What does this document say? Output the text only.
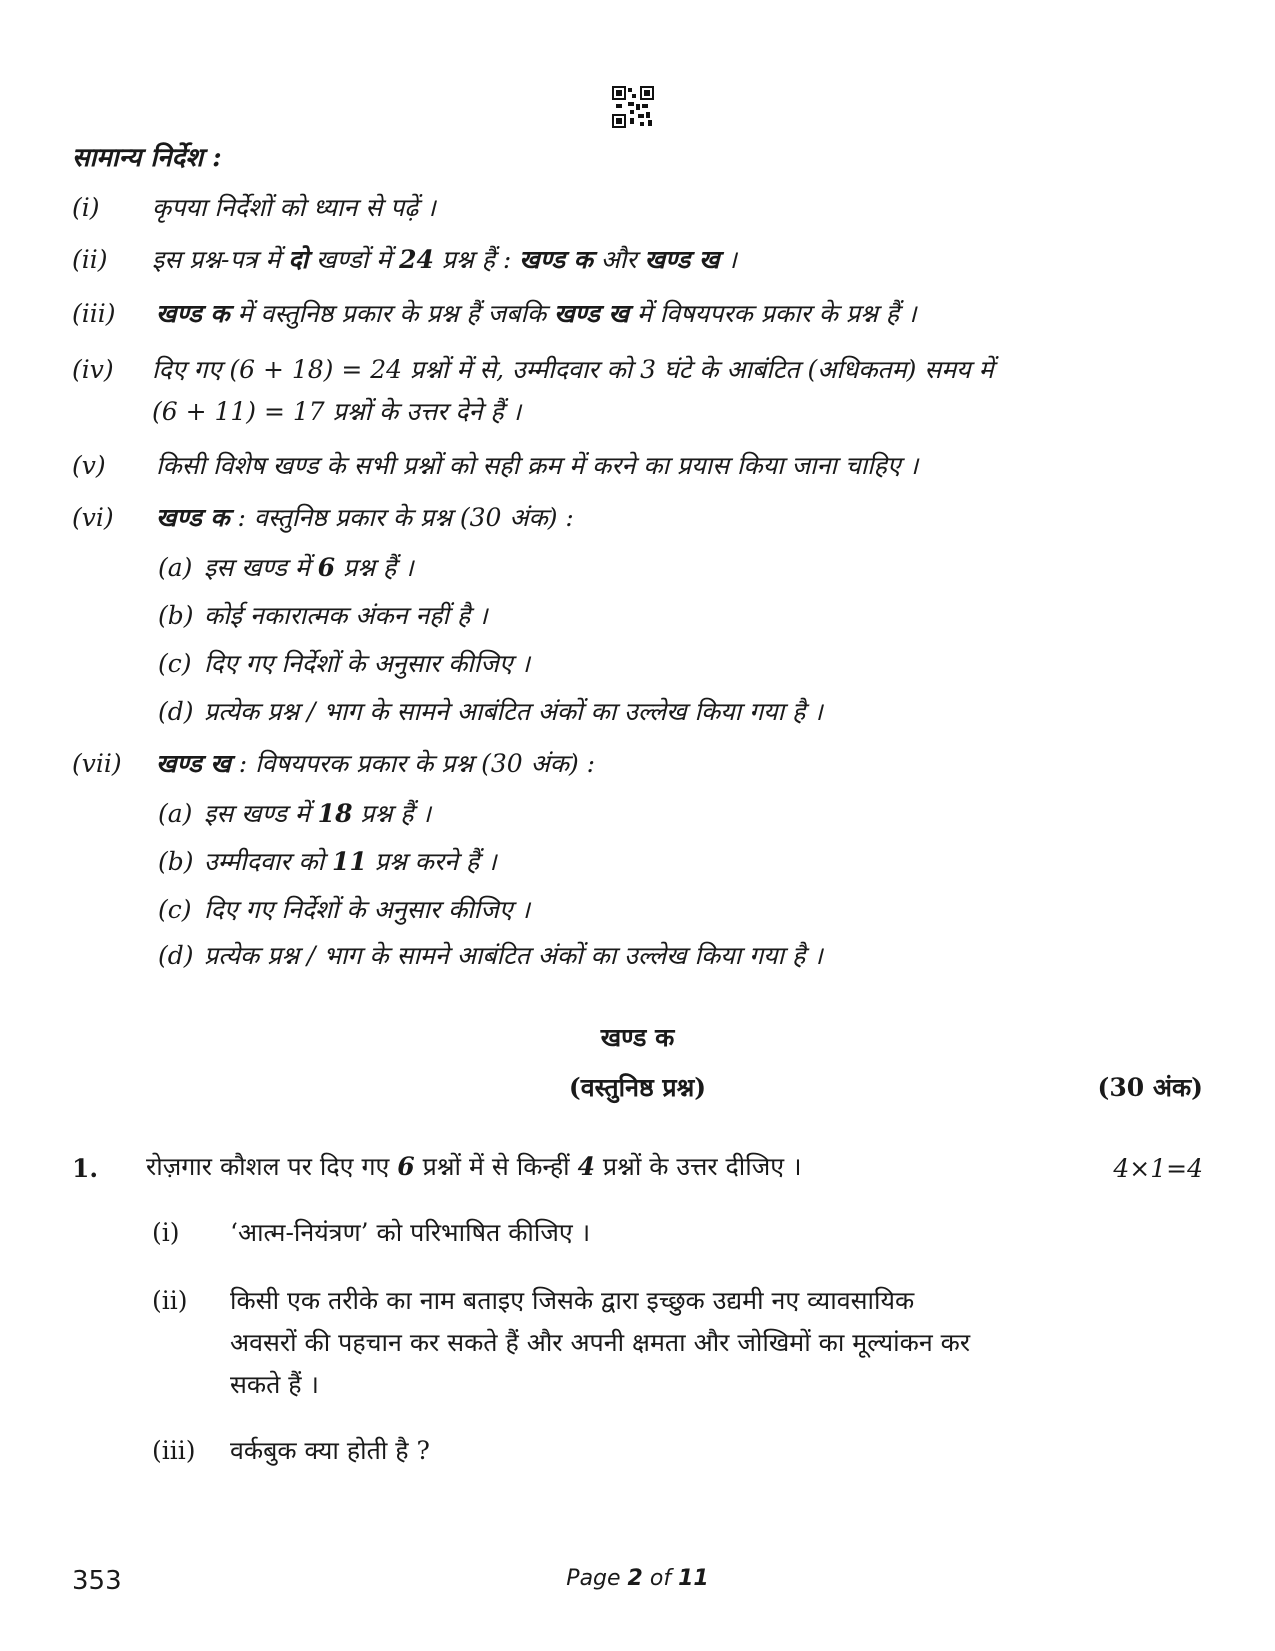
सामान्य निर्देश :
(i) कृपया निर्देशों को ध्यान से पढ़ें ।
(ii) इस प्रश्न-पत्र में दो खण्डों में 24 प्रश्न हैं : खण्ड क और खण्ड ख ।
(iii) खण्ड क में वस्तुनिष्ठ प्रकार के प्रश्न हैं जबकि खण्ड ख में विषयपरक प्रकार के प्रश्न हैं ।
(iv) दिए गए (6 + 18) = 24 प्रश्नों में से, उम्मीदवार को 3 घंटे के आबंटित (अधिकतम) समय में
(6 + 11) = 17 प्रश्नों के उत्तर देने हैं ।
(v) किसी विशेष खण्ड के सभी प्रश्नों को सही क्रम में करने का प्रयास किया जाना चाहिए ।
(vi) खण्ड क : वस्तुनिष्ठ प्रकार के प्रश्न (30 अंक) :
(a) इस खण्ड में 6 प्रश्न हैं ।
(b) कोई नकारात्मक अंकन नहीं है ।
(c) दिए गए निर्देशों के अनुसार कीजिए ।
(d) प्रत्येक प्रश्न / भाग के सामने आबंटित अंकों का उल्लेख किया गया है ।
(vii) खण्ड ख : विषयपरक प्रकार के प्रश्न (30 अंक) :
(a) इस खण्ड में 18 प्रश्न हैं ।
(b) उम्मीदवार को 11 प्रश्न करने हैं ।
(c) दिए गए निर्देशों के अनुसार कीजिए ।
(d) प्रत्येक प्रश्न / भाग के सामने आबंटित अंकों का उल्लेख किया गया है ।
खण्ड क
(वस्तुनिष्ठ प्रश्न)	(30 अंक)
1. रोज़गार कौशल पर दिए गए 6 प्रश्नों में से किन्हीं 4 प्रश्नों के उत्तर दीजिए ।	4×1=4
(i) ‘आत्म-नियंत्रण’ को परिभाषित कीजिए ।
(ii) किसी एक तरीके का नाम बताइए जिसके द्वारा इच्छुक उद्यमी नए व्यावसायिक
अवसरों की पहचान कर सकते हैं और अपनी क्षमता और जोखिमों का मूल्यांकन कर
सकते हैं ।
(iii) वर्कबुक क्या होती है ?
353	Page 2 of 11
